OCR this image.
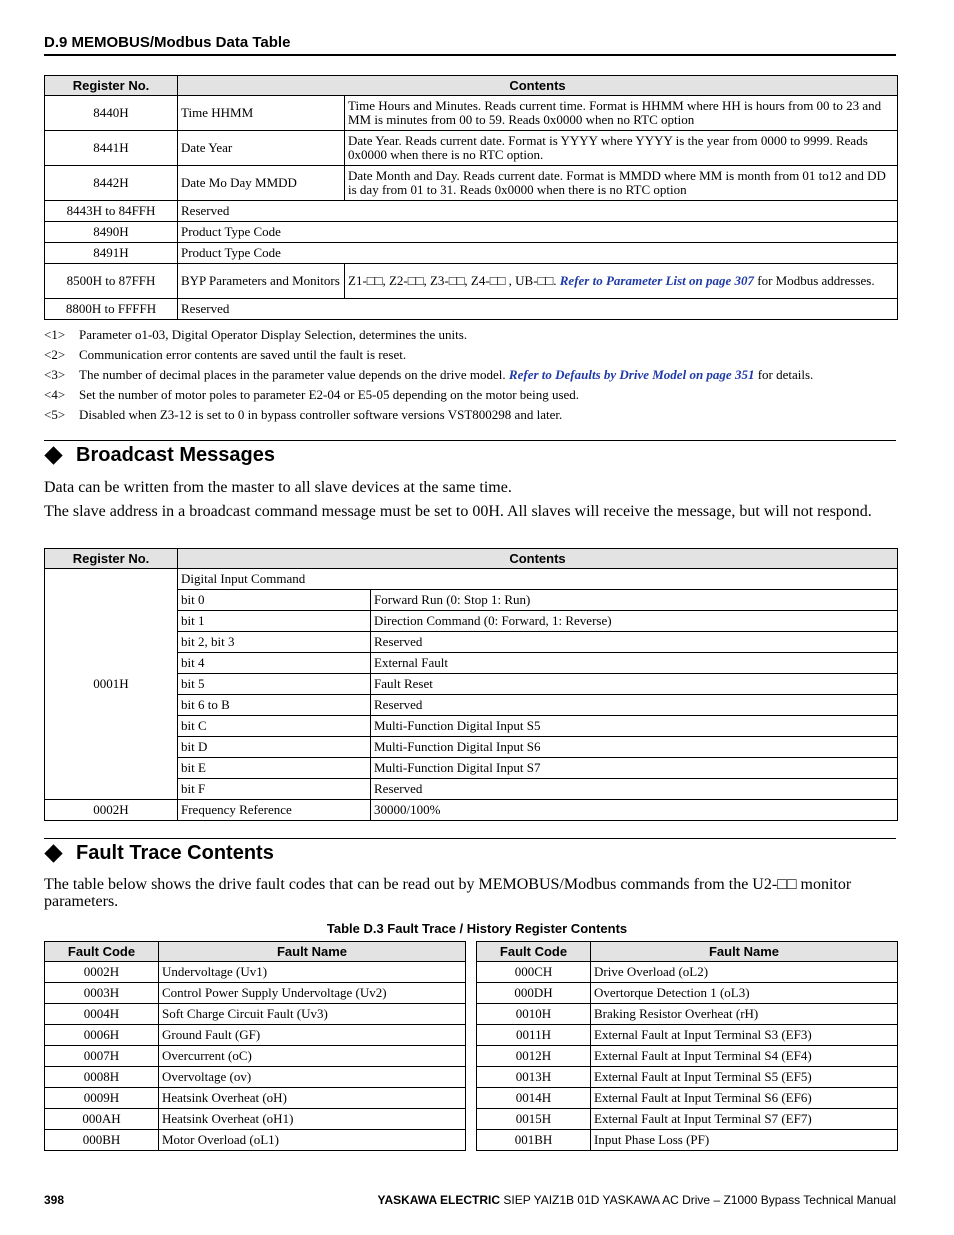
D.9 MEMOBUS/Modbus Data Table
Register No.	Contents	
8440H	Time HHMM	Time Hours and Minutes. Reads current time. Format is HHMM where HH is hours from 00 to 23 and MM is minutes from 00 to 59. Reads 0x0000 when no RTC option
8441H	Date Year	Date Year. Reads current date. Format is YYYY where YYYY is the year from 0000 to 9999. Reads 0x0000 when there is no RTC option.
8442H	Date Mo Day MMDD	Date Month and Day. Reads current date. Format is MMDD where MM is month from 01 to12 and DD is day from 01 to 31. Reads 0x0000 when there is no RTC option
8443H to 84FFH	Reserved	
8490H	Product Type Code	
8491H	Product Type Code	
8500H to 87FFH	BYP Parameters and Monitors	Z1-□□, Z2-□□, Z3-□□, Z4-□□ , UB-□□. Refer to Parameter List on page 307 for Modbus addresses.
8800H to FFFFH	Reserved	
<1> Parameter o1-03, Digital Operator Display Selection, determines the units.
<2> Communication error contents are saved until the fault is reset.
<3> The number of decimal places in the parameter value depends on the drive model. Refer to Defaults by Drive Model on page 351 for details.
<4> Set the number of motor poles to parameter E2-04 or E5-05 depending on the motor being used.
<5> Disabled when Z3-12 is set to 0 in bypass controller software versions VST800298 and later.
Broadcast Messages
Data can be written from the master to all slave devices at the same time.
The slave address in a broadcast command message must be set to 00H. All slaves will receive the message, but will not respond.
Register No.	Contents	
0001H	Digital Input Command	
	bit 0	Forward Run (0: Stop 1: Run)
	bit 1	Direction Command (0: Forward, 1: Reverse)
	bit 2, bit 3	Reserved
	bit 4	External Fault
	bit 5	Fault Reset
	bit 6 to B	Reserved
	bit C	Multi-Function Digital Input S5
	bit D	Multi-Function Digital Input S6
	bit E	Multi-Function Digital Input S7
	bit F	Reserved
0002H	Frequency Reference	30000/100%
Fault Trace Contents
The table below shows the drive fault codes that can be read out by MEMOBUS/Modbus commands from the U2-□□ monitor parameters.
Table D.3 Fault Trace / History Register Contents
Fault Code	Fault Name
0002H	Undervoltage (Uv1)
0003H	Control Power Supply Undervoltage (Uv2)
0004H	Soft Charge Circuit Fault (Uv3)
0006H	Ground Fault (GF)
0007H	Overcurrent (oC)
0008H	Overvoltage (ov)
0009H	Heatsink Overheat (oH)
000AH	Heatsink Overheat (oH1)
000BH	Motor Overload (oL1)
Fault Code	Fault Name
000CH	Drive Overload (oL2)
000DH	Overtorque Detection 1 (oL3)
0010H	Braking Resistor Overheat (rH)
0011H	External Fault at Input Terminal S3 (EF3)
0012H	External Fault at Input Terminal S4 (EF4)
0013H	External Fault at Input Terminal S5 (EF5)
0014H	External Fault at Input Terminal S6 (EF6)
0015H	External Fault at Input Terminal S7 (EF7)
001BH	Input Phase Loss (PF)
398	YASKAWA ELECTRIC SIEP YAIZ1B 01D YASKAWA AC Drive – Z1000 Bypass Technical Manual
